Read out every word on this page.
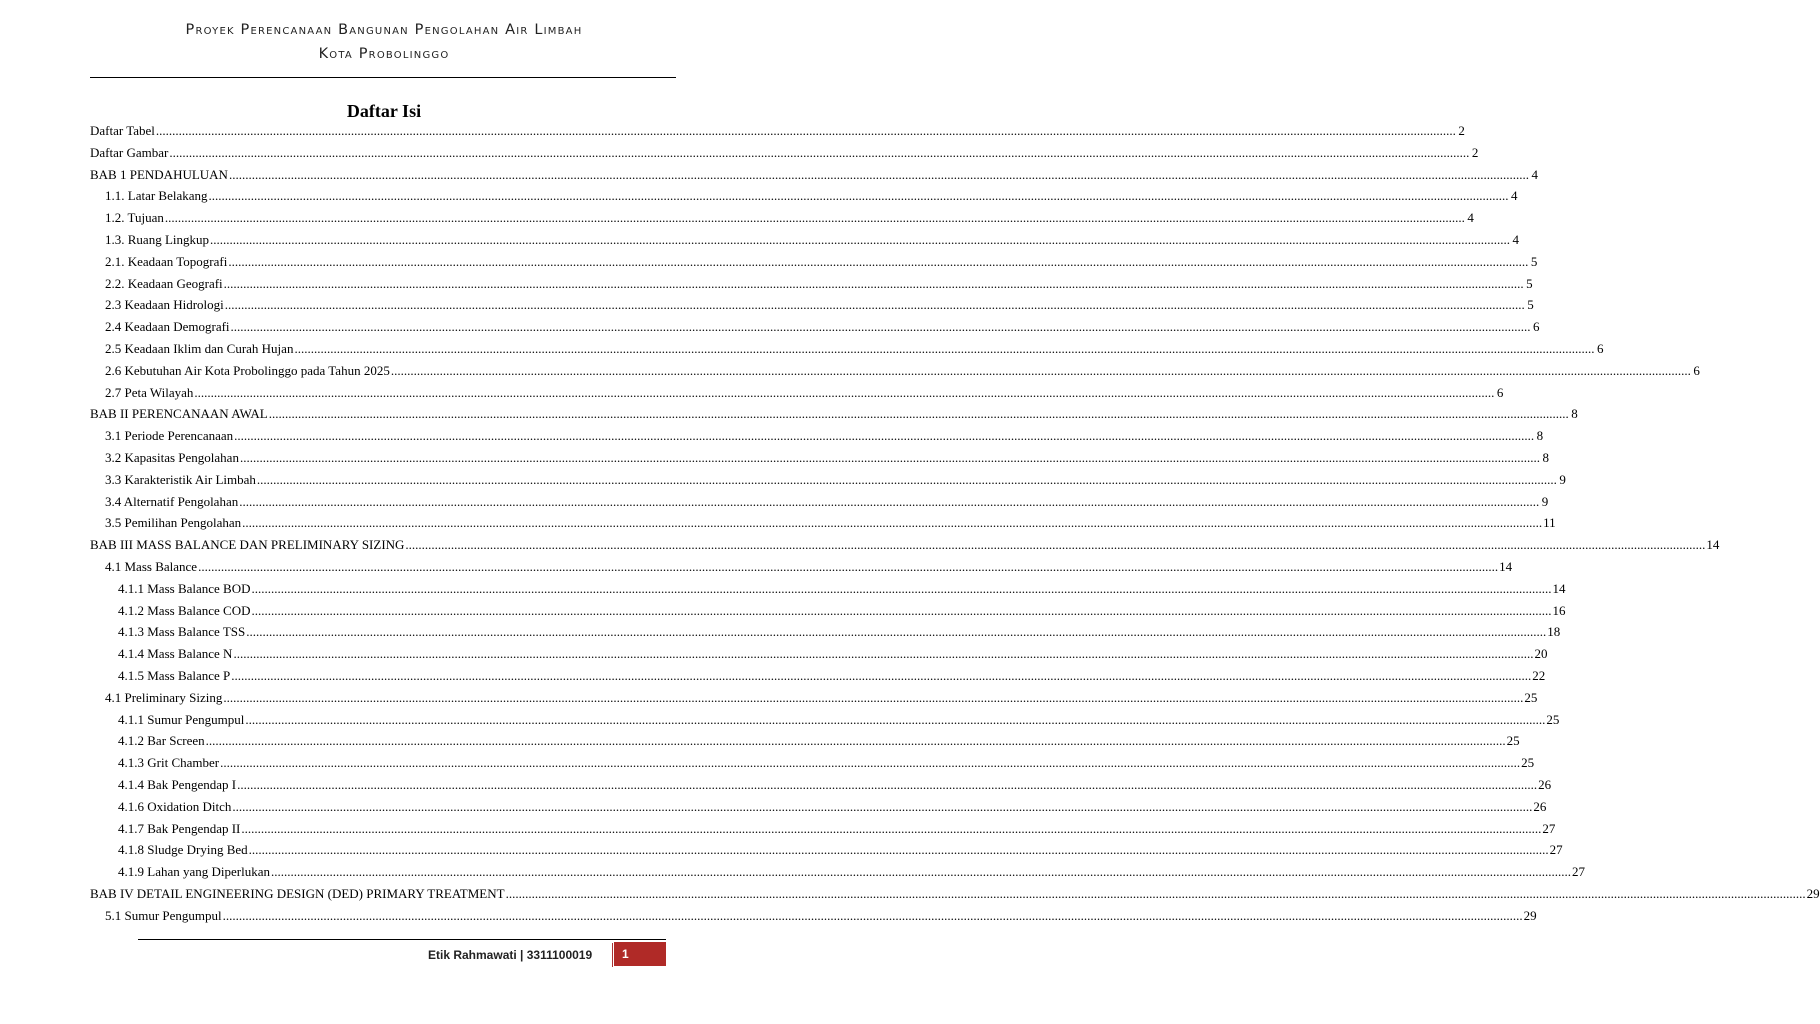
Proyek Perencanaan Bangunan Pengolahan Air Limbah
Kota Probolinggo
Daftar Isi
Daftar Tabel ................................................................................................................................................................................................................................................................................................................................................................................................................ 2
Daftar Gambar ................................................................................................................................................................................................................................................................................................................................................................................................................ 2
BAB 1 PENDAHULUAN ................................................................................................................................................................................................................................................................................................................................................................................................................ 4
1.1. Latar Belakang ................................................................................................................................................................................................................................................................................................................................................................................................................ 4
1.2. Tujuan ................................................................................................................................................................................................................................................................................................................................................................................................................ 4
1.3. Ruang Lingkup ................................................................................................................................................................................................................................................................................................................................................................................................................ 4
2.1. Keadaan Topografi ................................................................................................................................................................................................................................................................................................................................................................................................................ 5
2.2. Keadaan Geografi ................................................................................................................................................................................................................................................................................................................................................................................................................ 5
2.3 Keadaan Hidrologi ................................................................................................................................................................................................................................................................................................................................................................................................................ 5
2.4 Keadaan Demografi ................................................................................................................................................................................................................................................................................................................................................................................................................ 6
2.5 Keadaan Iklim dan Curah Hujan ................................................................................................................................................................................................................................................................................................................................................................................................................ 6
2.6 Kebutuhan Air Kota Probolinggo pada Tahun 2025 ................................................................................................................................................................................................................................................................................................................................................................................................................ 6
2.7 Peta Wilayah ................................................................................................................................................................................................................................................................................................................................................................................................................ 6
BAB II PERENCANAAN AWAL ................................................................................................................................................................................................................................................................................................................................................................................................................ 8
3.1 Periode Perencanaan ................................................................................................................................................................................................................................................................................................................................................................................................................ 8
3.2 Kapasitas Pengolahan ................................................................................................................................................................................................................................................................................................................................................................................................................ 8
3.3 Karakteristik Air Limbah ................................................................................................................................................................................................................................................................................................................................................................................................................ 9
3.4 Alternatif Pengolahan ................................................................................................................................................................................................................................................................................................................................................................................................................ 9
3.5 Pemilihan Pengolahan ................................................................................................................................................................................................................................................................................................................................................................................................................ 11
BAB III MASS BALANCE DAN PRELIMINARY SIZING ................................................................................................................................................................................................................................................................................................................................................................................................................ 14
4.1 Mass Balance ................................................................................................................................................................................................................................................................................................................................................................................................................ 14
4.1.1 Mass Balance BOD ................................................................................................................................................................................................................................................................................................................................................................................................................ 14
4.1.2 Mass Balance COD ................................................................................................................................................................................................................................................................................................................................................................................................................ 16
4.1.3 Mass Balance TSS ................................................................................................................................................................................................................................................................................................................................................................................................................ 18
4.1.4 Mass Balance N ................................................................................................................................................................................................................................................................................................................................................................................................................ 20
4.1.5 Mass Balance P ................................................................................................................................................................................................................................................................................................................................................................................................................ 22
4.1 Preliminary Sizing ................................................................................................................................................................................................................................................................................................................................................................................................................ 25
4.1.1 Sumur Pengumpul ................................................................................................................................................................................................................................................................................................................................................................................................................ 25
4.1.2 Bar Screen ................................................................................................................................................................................................................................................................................................................................................................................................................ 25
4.1.3 Grit Chamber ................................................................................................................................................................................................................................................................................................................................................................................................................ 25
4.1.4 Bak Pengendap I ................................................................................................................................................................................................................................................................................................................................................................................................................ 26
4.1.6 Oxidation Ditch ................................................................................................................................................................................................................................................................................................................................................................................................................ 26
4.1.7 Bak Pengendap II ................................................................................................................................................................................................................................................................................................................................................................................................................ 27
4.1.8 Sludge Drying Bed ................................................................................................................................................................................................................................................................................................................................................................................................................ 27
4.1.9 Lahan yang Diperlukan ................................................................................................................................................................................................................................................................................................................................................................................................................ 27
BAB IV DETAIL ENGINEERING DESIGN (DED) PRIMARY TREATMENT ................................................................................................................................................................................................................................................................................................................................................................................................................ 29
5.1 Sumur Pengumpul ................................................................................................................................................................................................................................................................................................................................................................................................................ 29
Etik Rahmawati | 3311100019	1
